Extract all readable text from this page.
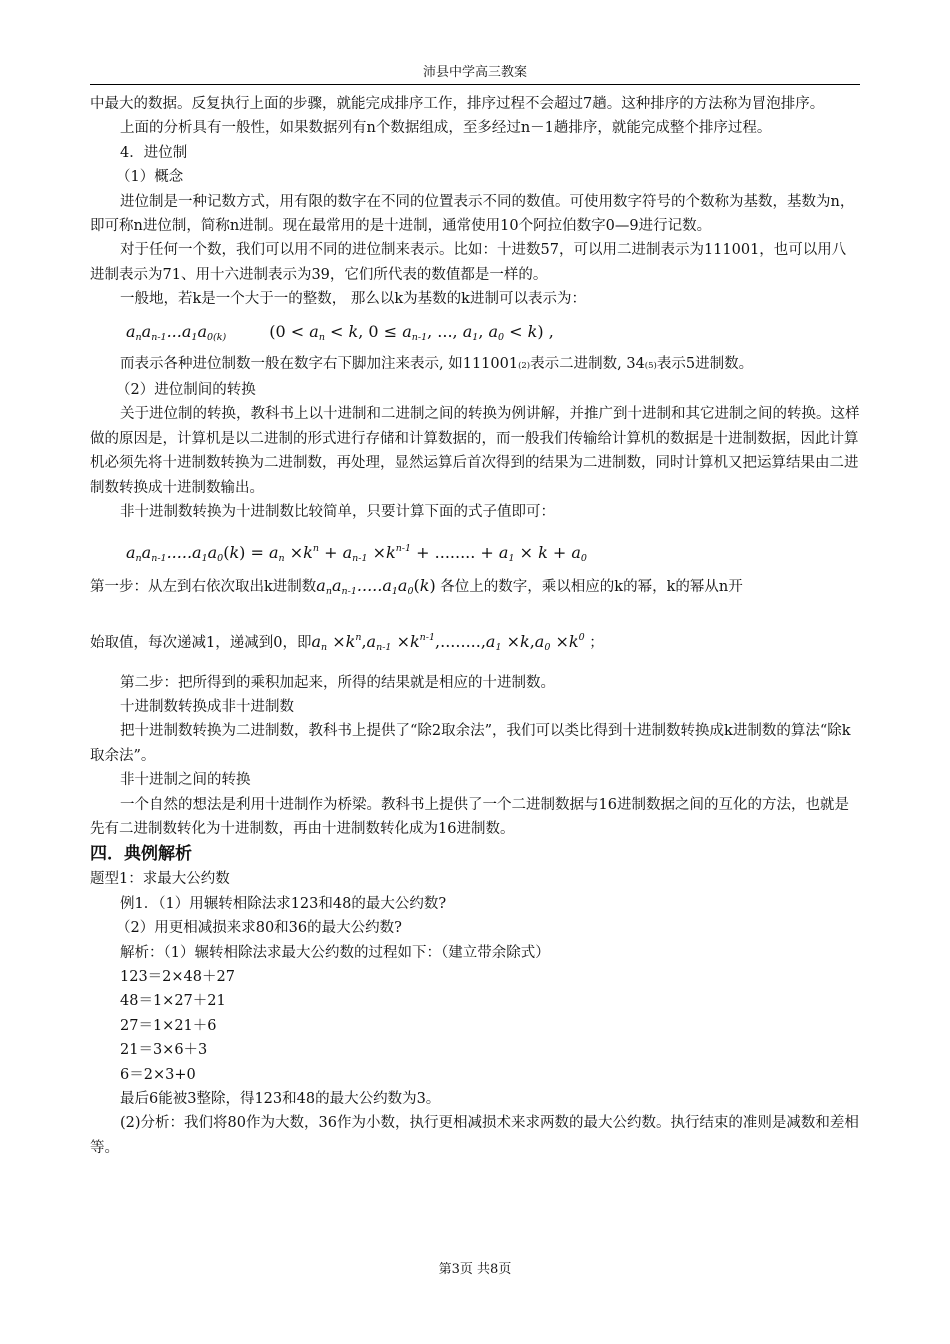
沛县中学高三教案

中最大的数据。反复执行上面的步骤，就能完成排序工作，排序过程不会超过7趟。这种排序的方法称为冒泡排序。

上面的分析具有一般性，如果数据列有n个数据组成，至多经过n－1趟排序，就能完成整个排序过程。

4．进位制

（1）概念

进位制是一种记数方式，用有限的数字在不同的位置表示不同的数值。可使用数字符号的个数称为基数，基数为n，即可称n进位制，简称n进制。现在最常用的是十进制，通常使用10个阿拉伯数字0—9进行记数。

对于任何一个数，我们可以用不同的进位制来表示。比如：十进数57，可以用二进制表示为111001，也可以用八进制表示为71、用十六进制表示为39，它们所代表的数值都是一样的。

一般地，若k是一个大于一的整数， 那么以k为基数的k进制可以表示为：

$a_na_{n-1}...a_1a_{0(k)}$	($0 < a_n < k$, $0 \le a_{n-1}$, ..., $a_1$, $a_0 < k$) ,

而表示各种进位制数一般在数字右下脚加注来表示, 如111001(2)表示二进制数, 34(5)表示5进制数。

（2）进位制间的转换

关于进位制的转换，教科书上以十进制和二进制之间的转换为例讲解，并推广到十进制和其它进制之间的转换。这样做的原因是，计算机是以二进制的形式进行存储和计算数据的，而一般我们传输给计算机的数据是十进制数据，因此计算机必须先将十进制数转换为二进制数，再处理，显然运算后首次得到的结果为二进制数，同时计算机又把运算结果由二进制数转换成十进制数输出。

非十进制数转换为十进制数比较简单，只要计算下面的式子值即可：

$a_na_{n-1}.....a_1a_0(k) = a_n \times k^n + a_{n-1} \times k^{n-1}$ + ........ + $a_1 \times k + a_0$

第一步：从左到右依次取出k进制数$a_na_{n-1}.....a_1a_0(k)$ 各位上的数字，乘以相应的k的幂，k的幂从n开

始取值，每次递减1，递减到0，即$a_n \times k^n,a_{n-1} \times k^{n-1},........,a_1 \times k,a_0 \times k^0$ ；

第二步：把所得到的乘积加起来，所得的结果就是相应的十进制数。

十进制数转换成非十进制数

把十进制数转换为二进制数，教科书上提供了“除2取余法”，我们可以类比得到十进制数转换成k进制数的算法“除k取余法”。

非十进制之间的转换

一个自然的想法是利用十进制作为桥梁。教科书上提供了一个二进制数据与16进制数据之间的互化的方法，也就是先有二进制数转化为十进制数，再由十进制数转化成为16进制数。

四．典例解析

题型1：求最大公约数

例1．（1）用辗转相除法求123和48的最大公约数?

（2）用更相减损来求80和36的最大公约数?

解析：（1）辗转相除法求最大公约数的过程如下：（建立带余除式）

123＝2×48＋27

48＝1×27＋21

27＝1×21＋6

21＝3×6＋3

6＝2×3+0

最后6能被3整除，得123和48的最大公约数为3。

(2)分析：我们将80作为大数，36作为小数，执行更相减损术来求两数的最大公约数。执行结束的准则是减数和差相等。

第3页 共8页
